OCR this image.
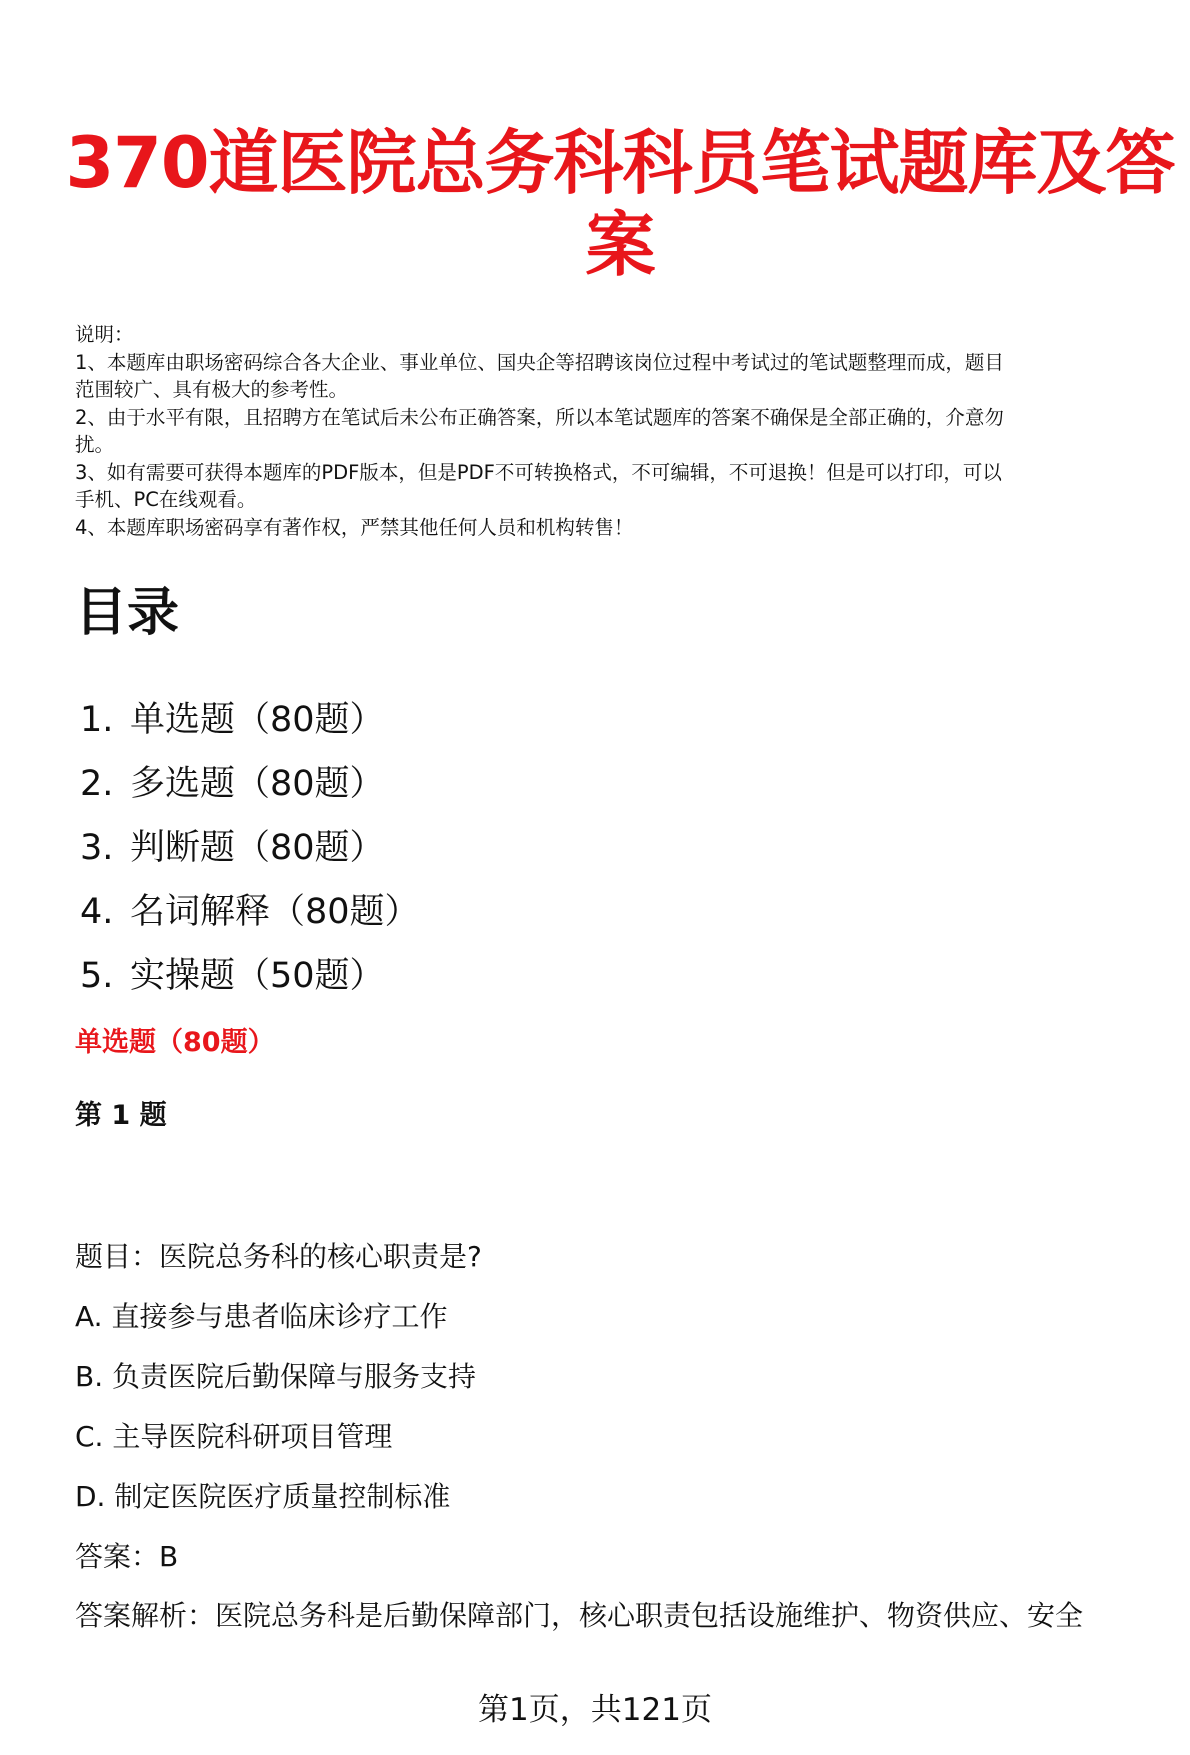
370道医院总务科科员笔试题库及答案
说明：
1、本题库由职场密码综合各大企业、事业单位、国央企等招聘该岗位过程中考试过的笔试题整理而成，题目
范围较广、具有极大的参考性。
2、由于水平有限，且招聘方在笔试后未公布正确答案，所以本笔试题库的答案不确保是全部正确的，介意勿
扰。
3、如有需要可获得本题库的PDF版本，但是PDF不可转换格式，不可编辑，不可退换！但是可以打印，可以
手机、PC在线观看。
4、本题库职场密码享有著作权，严禁其他任何人员和机构转售！
目录
1. 单选题（80题）
2. 多选题（80题）
3. 判断题（80题）
4. 名词解释（80题）
5. 实操题（50题）
单选题（80题）
第 1 题
题目：医院总务科的核心职责是?
A. 直接参与患者临床诊疗工作
B. 负责医院后勤保障与服务支持
C. 主导医院科研项目管理
D. 制定医院医疗质量控制标准
答案：B
答案解析：医院总务科是后勤保障部门，核心职责包括设施维护、物资供应、安全
第1页，共121页
